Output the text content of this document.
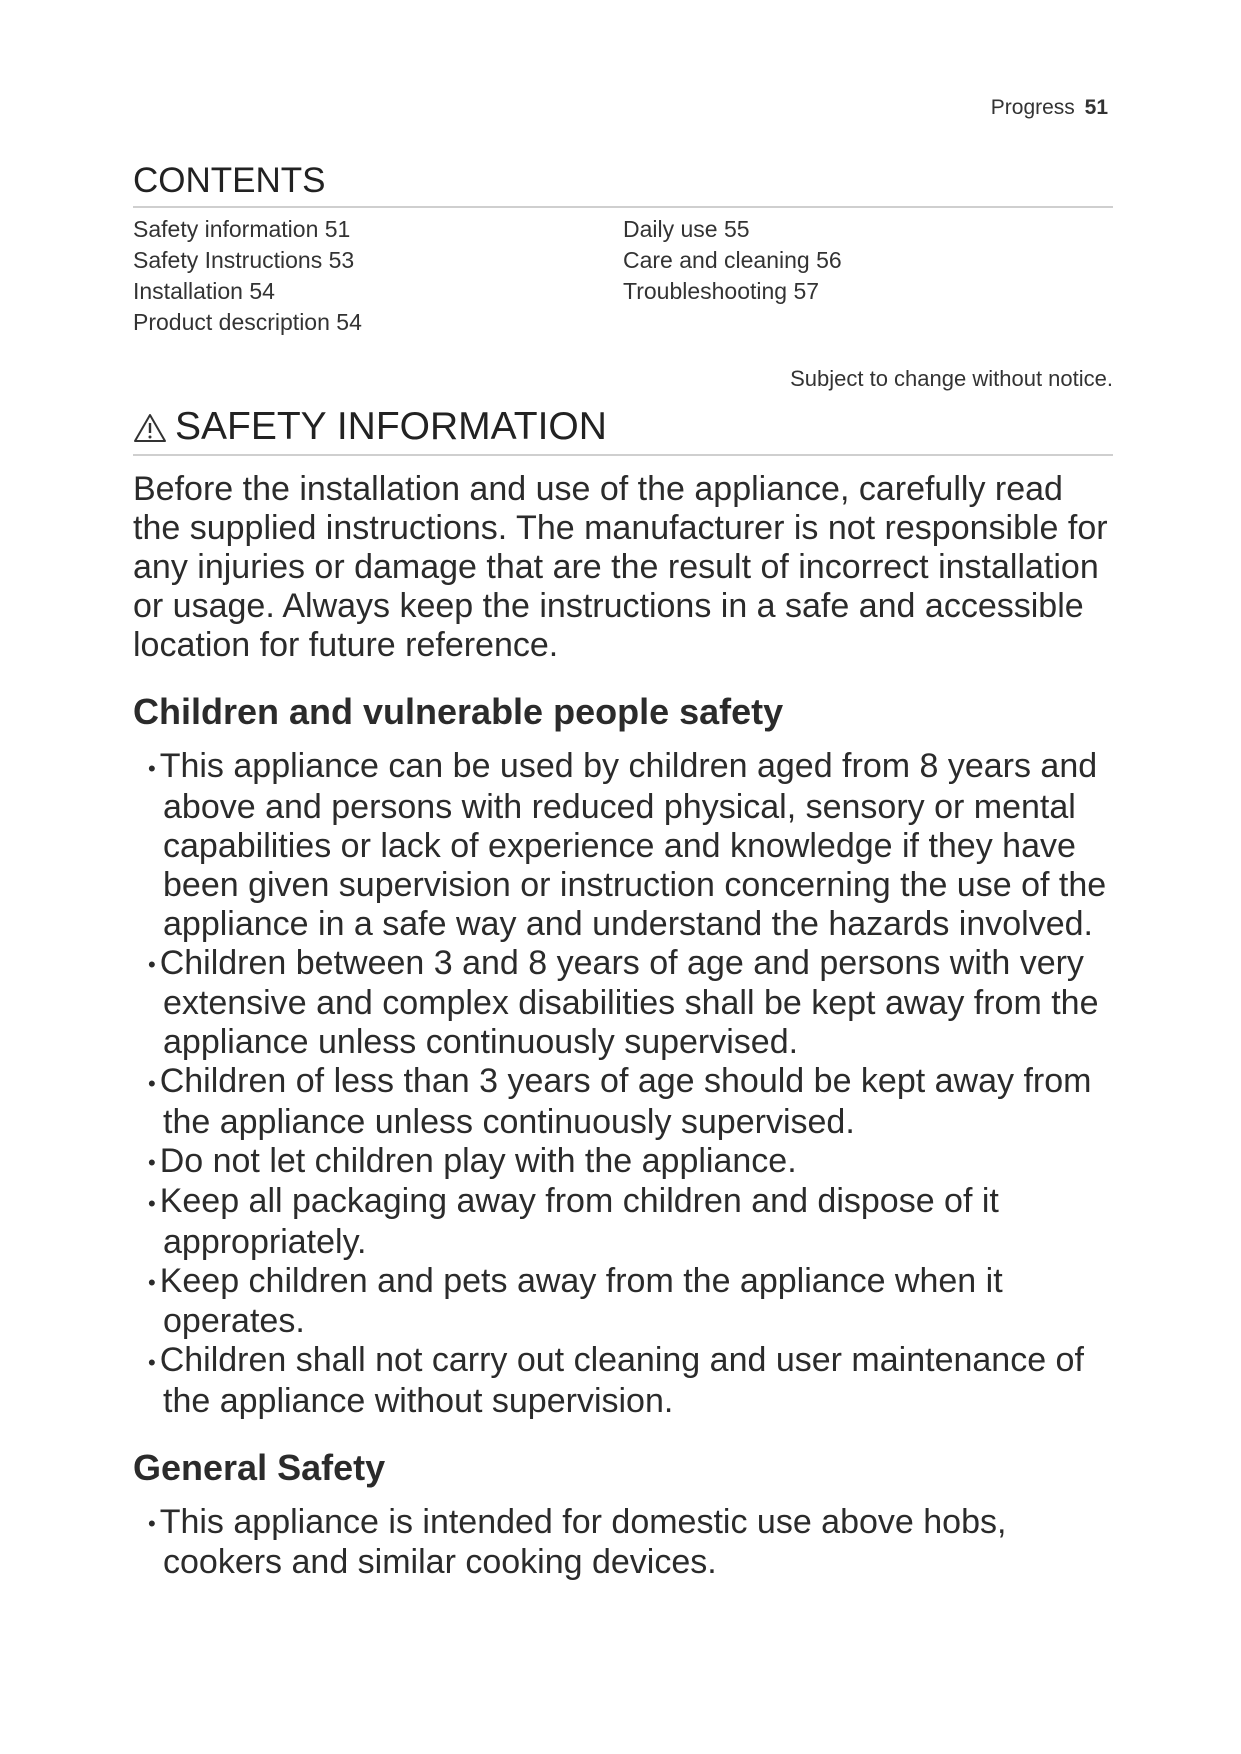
Progress 51
CONTENTS
Safety information 51
Safety Instructions 53
Installation 54
Product description 54
Daily use 55
Care and cleaning 56
Troubleshooting 57
Subject to change without notice.
SAFETY INFORMATION

Before the installation and use of the appliance, carefully read the supplied instructions. The manufacturer is not responsible for any injuries or damage that are the result of incorrect installation or usage. Always keep the instructions in a safe and accessible location for future reference.

Children and vulnerable people safety
• This appliance can be used by children aged from 8 years and above and persons with reduced physical, sensory or mental capabilities or lack of experience and knowledge if they have been given supervision or instruction concerning the use of the appliance in a safe way and understand the hazards involved.
• Children between 3 and 8 years of age and persons with very extensive and complex disabilities shall be kept away from the appliance unless continuously supervised.
• Children of less than 3 years of age should be kept away from the appliance unless continuously supervised.
• Do not let children play with the appliance.
• Keep all packaging away from children and dispose of it appropriately.
• Keep children and pets away from the appliance when it operates.
• Children shall not carry out cleaning and user maintenance of the appliance without supervision.
General Safety
• This appliance is intended for domestic use above hobs, cookers and similar cooking devices.
